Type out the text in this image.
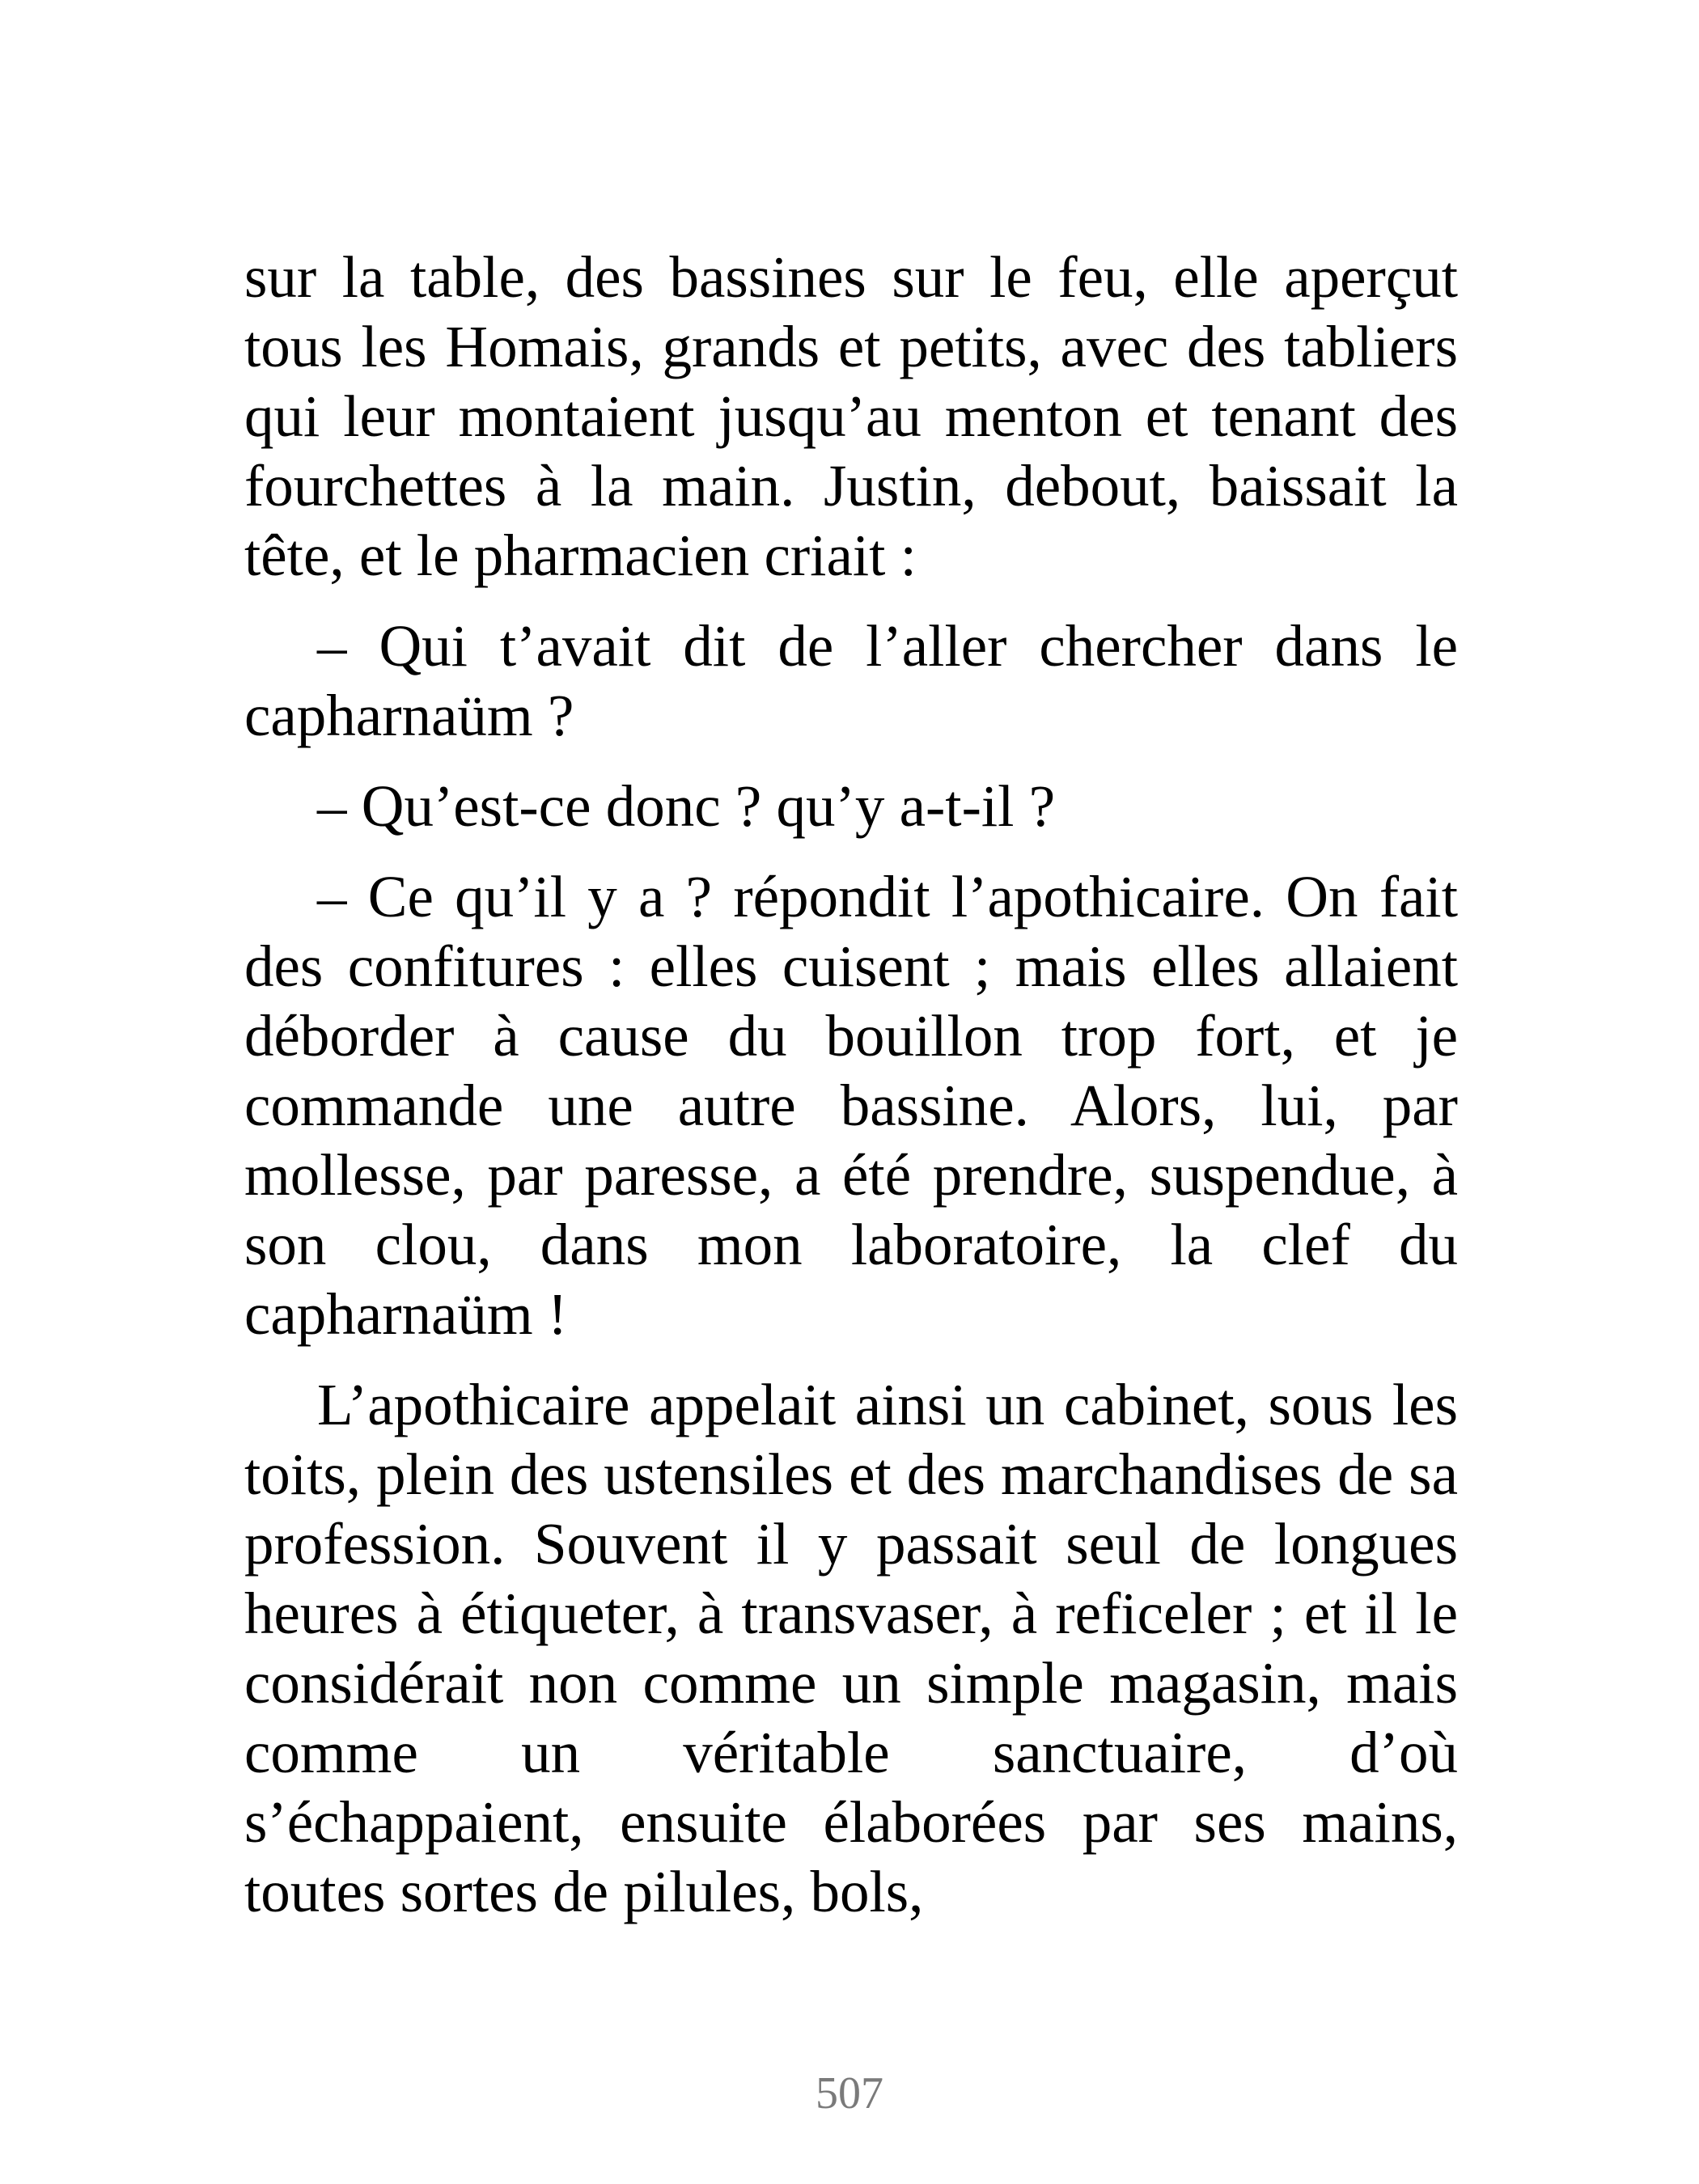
sur la table, des bassines sur le feu, elle aperçut tous les Homais, grands et petits, avec des tabliers qui leur montaient jusqu’au menton et tenant des fourchettes à la main. Justin, debout, baissait la tête, et le pharmacien criait :

– Qui t’avait dit de l’aller chercher dans le capharnaüm ?

– Qu’est-ce donc ? qu’y a-t-il ?

– Ce qu’il y a ? répondit l’apothicaire. On fait des confitures : elles cuisent ; mais elles allaient déborder à cause du bouillon trop fort, et je commande une autre bassine. Alors, lui, par mollesse, par paresse, a été prendre, suspendue, à son clou, dans mon laboratoire, la clef du capharnaüm !

L’apothicaire appelait ainsi un cabinet, sous les toits, plein des ustensiles et des marchandises de sa profession. Souvent il y passait seul de longues heures à étiqueter, à transvaser, à reficeler ; et il le considérait non comme un simple magasin, mais comme un véritable sanctuaire, d’où s’échappaient, ensuite élaborées par ses mains, toutes sortes de pilules, bols,

507
